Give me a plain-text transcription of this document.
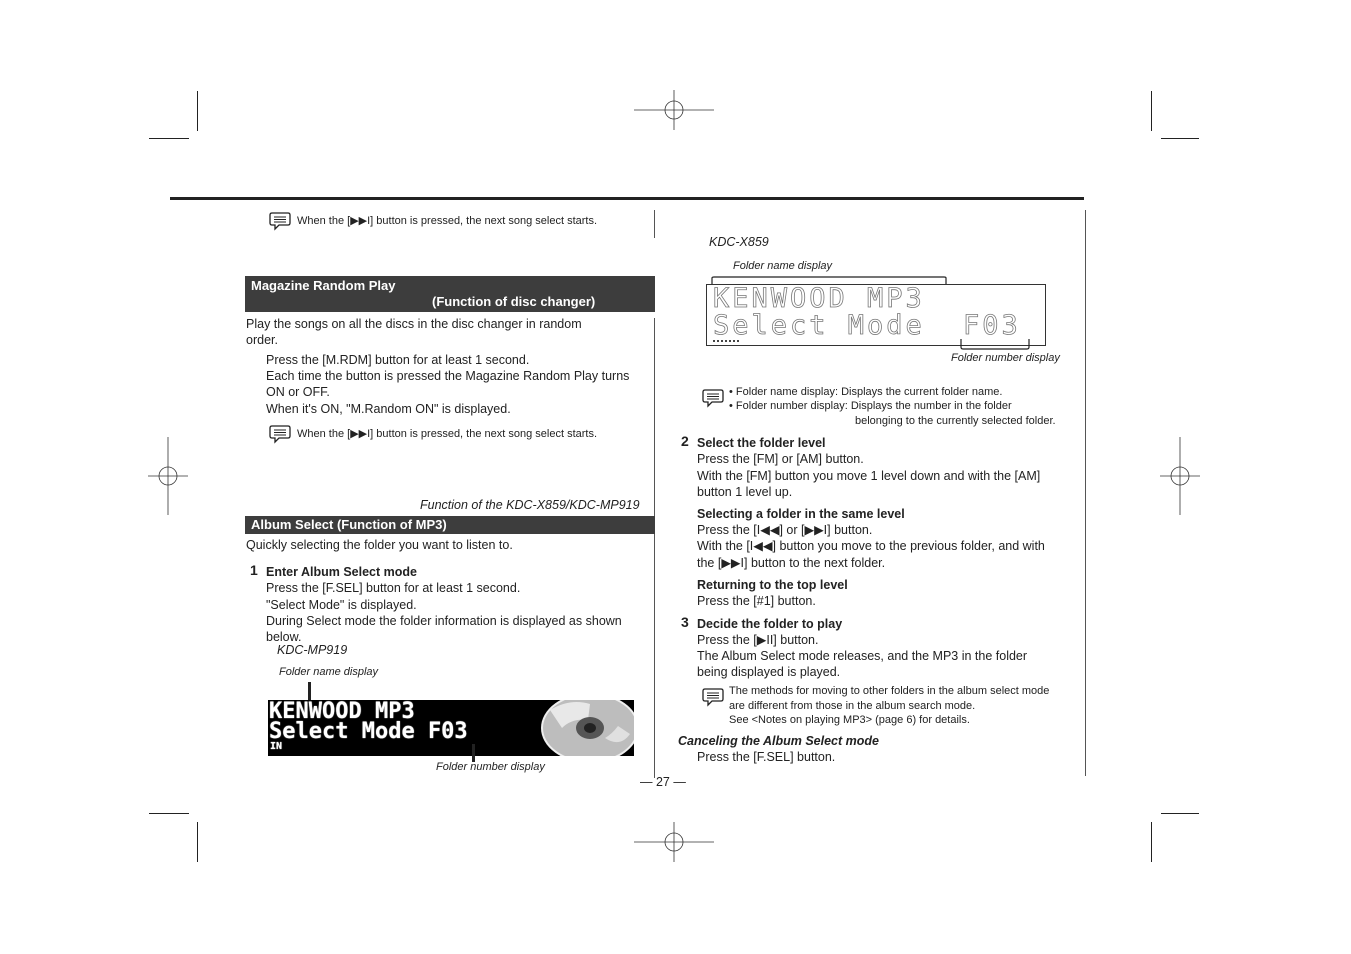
When the [▶▶I] button is pressed, the next song select starts.
Magazine Random Play
(Function of disc changer)
Play the songs on all the discs in the disc changer in random
order.
Press the [M.RDM] button for at least 1 second.
Each time the button is pressed the Magazine Random Play turns
ON or OFF.
When it's ON, "M.Random ON" is displayed.
When the [▶▶I] button is pressed, the next song select starts.
Function of the KDC-X859/KDC-MP919
Album Select (Function of MP3)
Quickly selecting the folder you want to listen to.
1 Enter Album Select mode
Press the [F.SEL] button for at least 1 second.
"Select Mode" is displayed.
During Select mode the folder information is displayed as shown
below.
KDC-MP919
Folder name display
KENWOOD MP3
Select Mode F03
IN
Folder number display
— 27 —
KDC-X859
Folder name display
KENWOOD MP3
Select Mode F03
Folder number display
• Folder name display: Displays the current folder name.
• Folder number display: Displays the number in the folder
belonging to the currently selected folder.
2 Select the folder level
Press the [FM] or [AM] button.
With the [FM] button you move 1 level down and with the [AM]
button 1 level up.
Selecting a folder in the same level
Press the [I◀◀] or [▶▶I] button.
With the [I◀◀] button you move to the previous folder, and with
the [▶▶I] button to the next folder.
Returning to the top level
Press the [#1] button.
3 Decide the folder to play
Press the [▶II] button.
The Album Select mode releases, and the MP3 in the folder
being displayed is played.
The methods for moving to other folders in the album select mode
are different from those in the album search mode.
See <Notes on playing MP3> (page 6) for details.
Canceling the Album Select mode
Press the [F.SEL] button.
